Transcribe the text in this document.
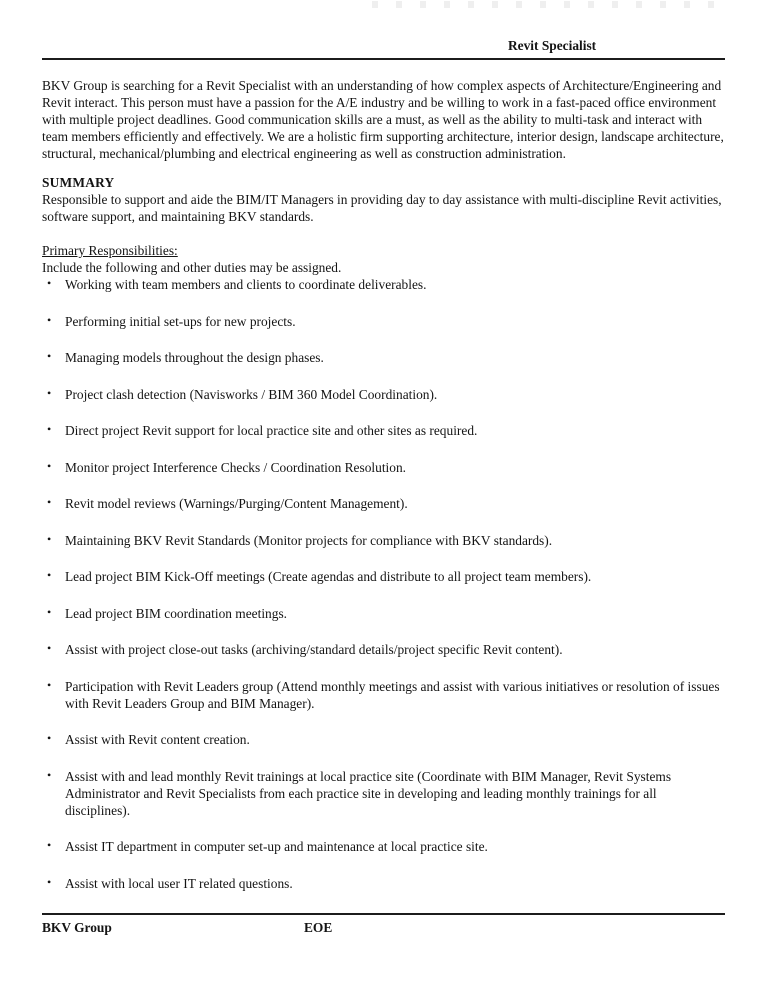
Revit Specialist

BKV Group is searching for a Revit Specialist with an understanding of how complex aspects of Architecture/Engineering and Revit interact. This person must have a passion for the A/E industry and be willing to work in a fast-paced office environment with multiple project deadlines. Good communication skills are a must, as well as the ability to multi-task and interact with team members efficiently and effectively. We are a holistic firm supporting architecture, interior design, landscape architecture, structural, mechanical/plumbing and electrical engineering as well as construction administration.

SUMMARY

Responsible to support and aide the BIM/IT Managers in providing day to day assistance with multi-discipline Revit activities, software support, and maintaining BKV standards.

Primary Responsibilities:
Include the following and other duties may be assigned.
• Working with team members and clients to coordinate deliverables.
• Performing initial set-ups for new projects.
• Managing models throughout the design phases.
• Project clash detection (Navisworks / BIM 360 Model Coordination).
• Direct project Revit support for local practice site and other sites as required.
• Monitor project Interference Checks / Coordination Resolution.
• Revit model reviews (Warnings/Purging/Content Management).
• Maintaining BKV Revit Standards (Monitor projects for compliance with BKV standards).
• Lead project BIM Kick-Off meetings (Create agendas and distribute to all project team members).
• Lead project BIM coordination meetings.
• Assist with project close-out tasks (archiving/standard details/project specific Revit content).
• Participation with Revit Leaders group (Attend monthly meetings and assist with various initiatives or resolution of issues with Revit Leaders Group and BIM Manager).
• Assist with Revit content creation.
• Assist with and lead monthly Revit trainings at local practice site (Coordinate with BIM Manager, Revit Systems Administrator and Revit Specialists from each practice site in developing and leading monthly trainings for all disciplines).
• Assist IT department in computer set-up and maintenance at local practice site.
• Assist with local user IT related questions.
BKV Group	EOE
